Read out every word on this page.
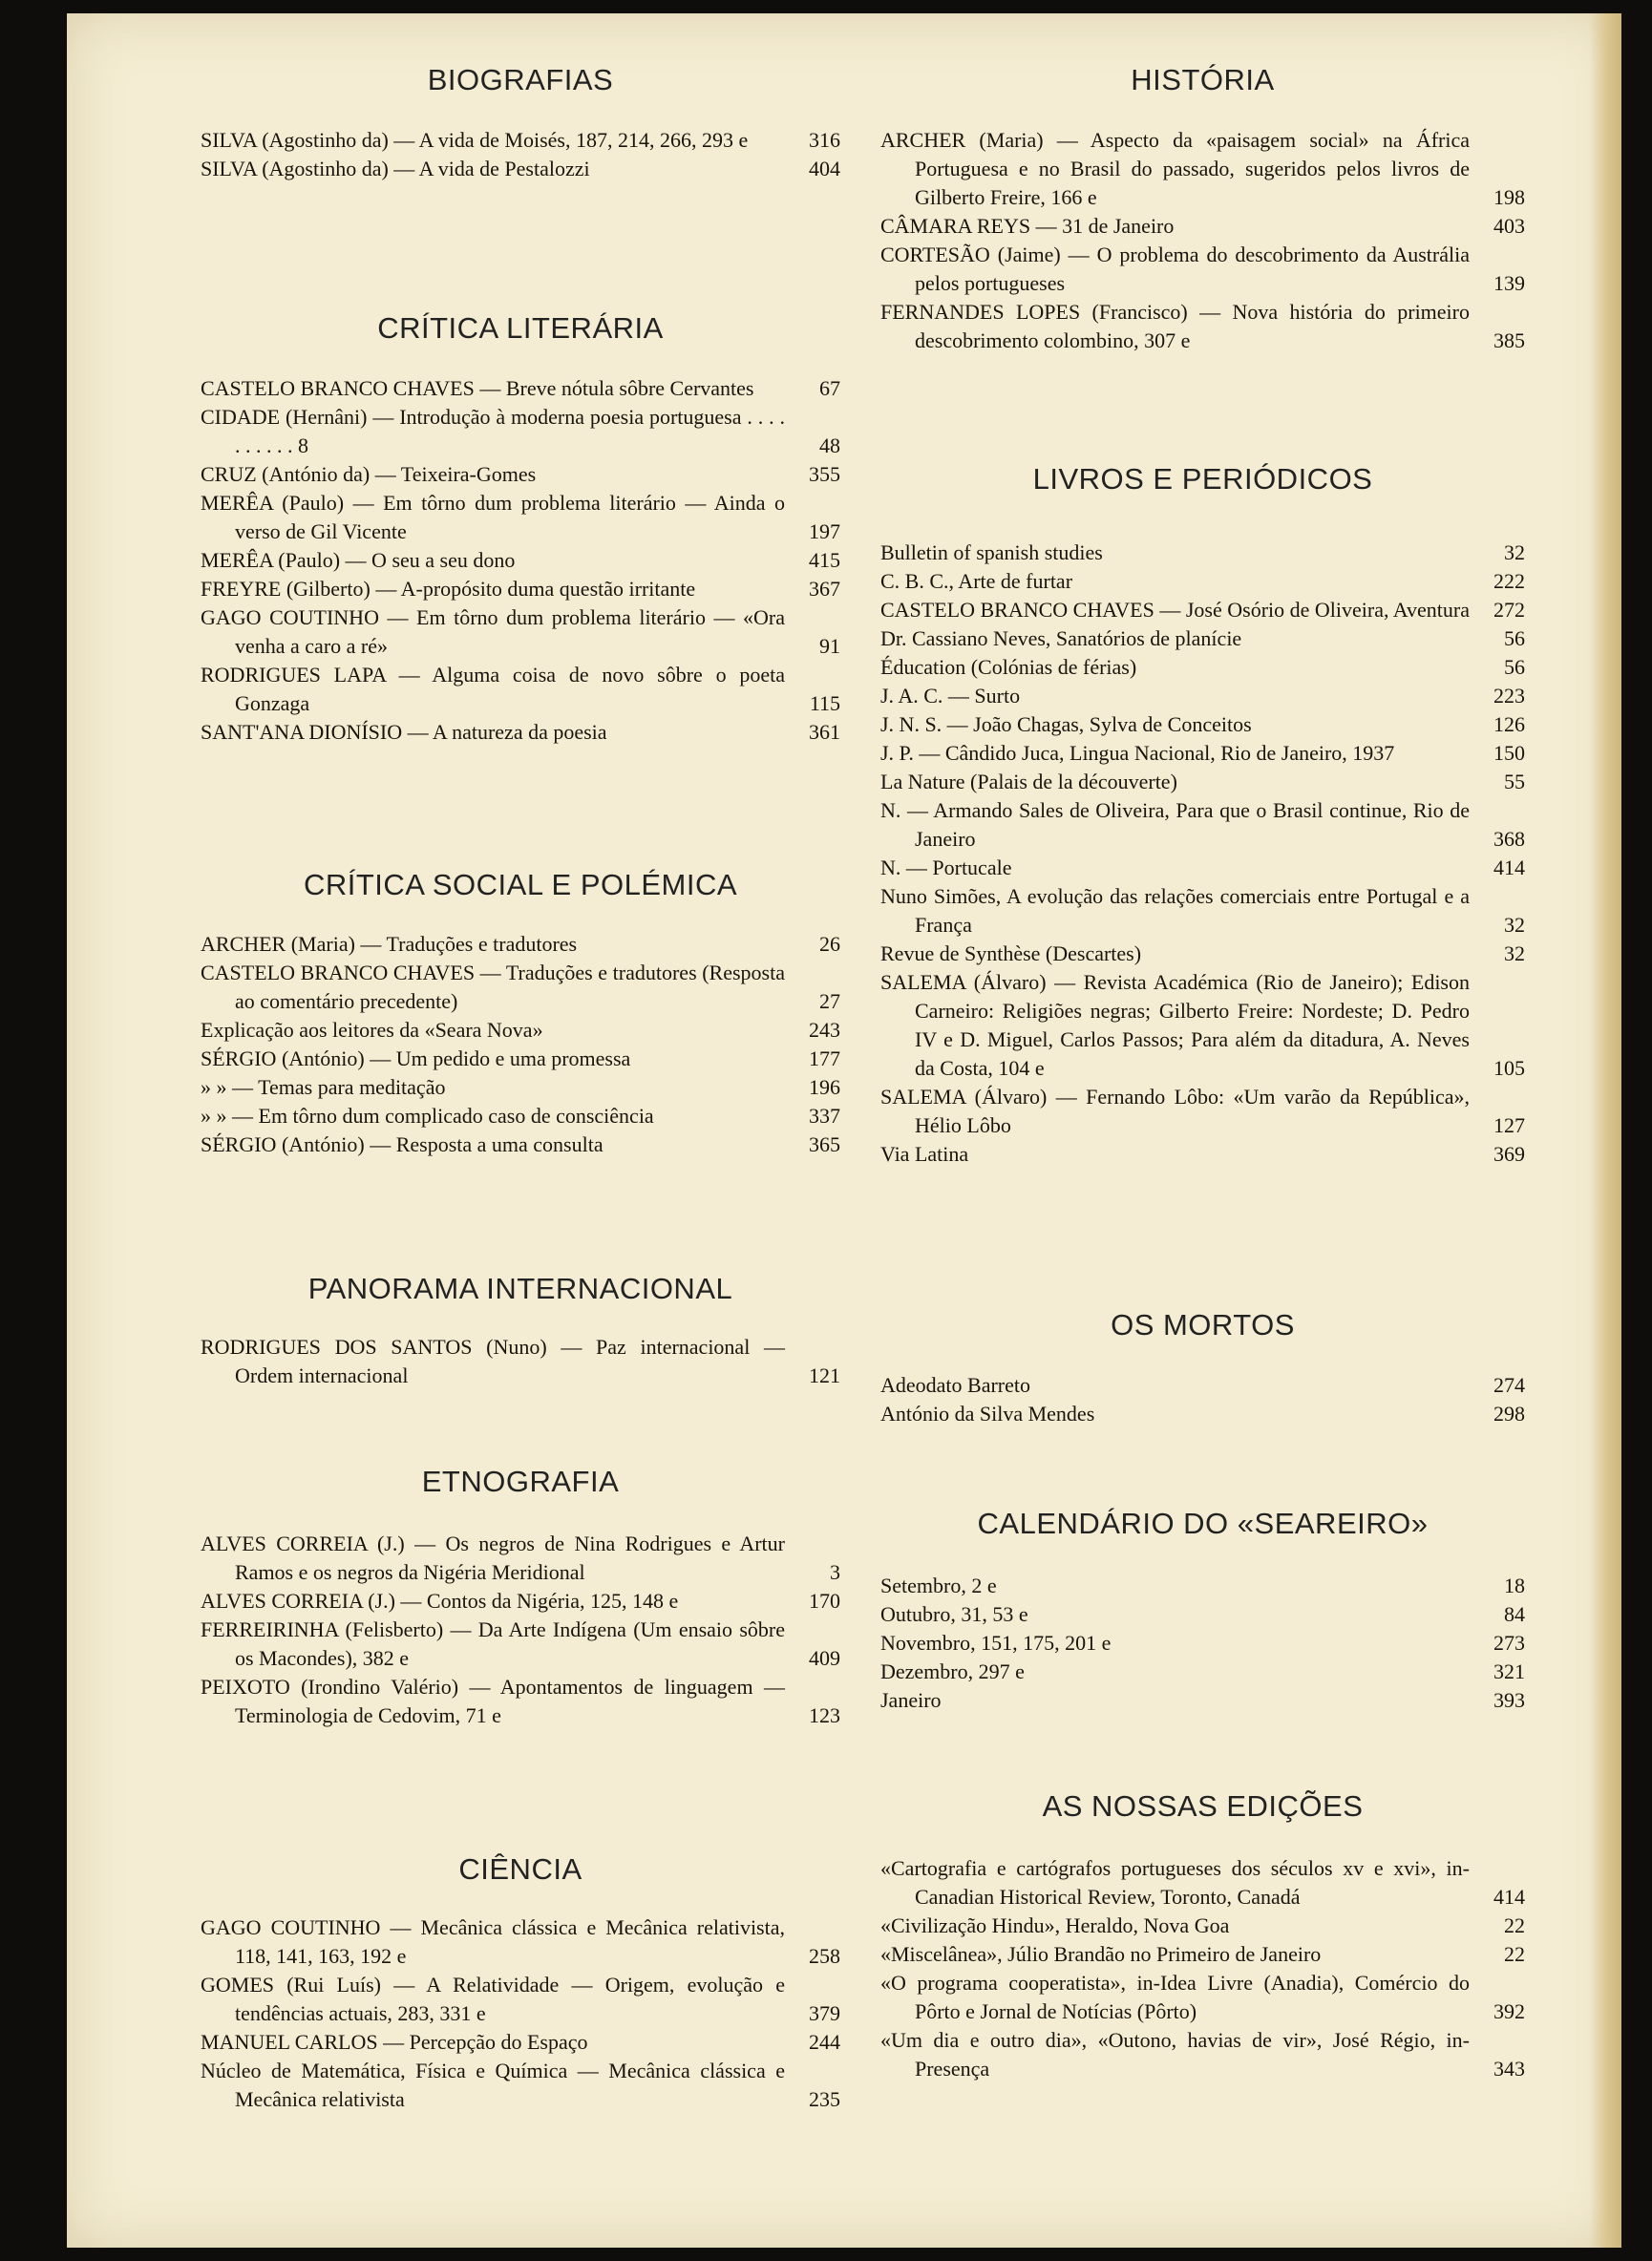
BIOGRAFIAS
SILVA (Agostinho da) — A vida de Moisés, 187, 214, 266, 293 e	316
SILVA (Agostinho da) — A vida de Pestalozzi	404
CRÍTICA LITERÁRIA
CASTELO BRANCO CHAVES — Breve nótula sôbre Cervantes	67
CIDADE (Hernâni) — Introdução à moderna poesia portuguesa . . . . . . . . . . 8	48
CRUZ (António da) — Teixeira-Gomes	355
MERÊA (Paulo) — Em tôrno dum problema literário — Ainda o verso de Gil Vicente	197
MERÊA (Paulo) — O seu a seu dono	415
FREYRE (Gilberto) — A-propósito duma questão irritante	367
GAGO COUTINHO — Em tôrno dum problema literário — «Ora venha a caro a ré»	91
RODRIGUES LAPA — Alguma coisa de novo sôbre o poeta Gonzaga	115
SANT'ANA DIONÍSIO — A natureza da poesia	361
CRÍTICA SOCIAL E POLÉMICA
ARCHER (Maria) — Traduções e tradutores	26
CASTELO BRANCO CHAVES — Traduções e tradutores (Resposta ao comentário precedente)	27
Explicação aos leitores da «Seara Nova»	243
SÉRGIO (António) — Um pedido e uma promessa	177
» » — Temas para meditação	196
» » — Em tôrno dum complicado caso de consciência	337
SÉRGIO (António) — Resposta a uma consulta	365
PANORAMA INTERNACIONAL
RODRIGUES DOS SANTOS (Nuno) — Paz internacional — Ordem internacional	121
ETNOGRAFIA
ALVES CORREIA (J.) — Os negros de Nina Rodrigues e Artur Ramos e os negros da Nigéria Meridional	3
ALVES CORREIA (J.) — Contos da Nigéria, 125, 148 e	170
FERREIRINHA (Felisberto) — Da Arte Indígena (Um ensaio sôbre os Macondes), 382 e	409
PEIXOTO (Irondino Valério) — Apontamentos de linguagem — Terminologia de Cedovim, 71 e	123
CIÊNCIA
GAGO COUTINHO — Mecânica clássica e Mecânica relativista, 118, 141, 163, 192 e	258
GOMES (Rui Luís) — A Relatividade — Origem, evolução e tendências actuais, 283, 331 e	379
MANUEL CARLOS — Percepção do Espaço	244
Núcleo de Matemática, Física e Química — Mecânica clássica e Mecânica relativista	235
HISTÓRIA
ARCHER (Maria) — Aspecto da «paisagem social» na África Portuguesa e no Brasil do passado, sugeridos pelos livros de Gilberto Freire, 166 e	198
CÂMARA REYS — 31 de Janeiro	403
CORTESÃO (Jaime) — O problema do descobrimento da Austrália pelos portugueses	139
FERNANDES LOPES (Francisco) — Nova história do primeiro descobrimento colombino, 307 e	385
LIVROS E PERIÓDICOS
Bulletin of spanish studies	32
C. B. C., Arte de furtar	222
CASTELO BRANCO CHAVES — José Osório de Oliveira, Aventura	272
Dr. Cassiano Neves, Sanatórios de planície	56
Éducation (Colónias de férias)	56
J. A. C. — Surto	223
J. N. S. — João Chagas, Sylva de Conceitos	126
J. P. — Cândido Juca, Lingua Nacional, Rio de Janeiro, 1937	150
La Nature (Palais de la découverte)	55
N. — Armando Sales de Oliveira, Para que o Brasil continue, Rio de Janeiro	368
N. — Portucale	414
Nuno Simões, A evolução das relações comerciais entre Portugal e a França	32
Revue de Synthèse (Descartes)	32
SALEMA (Álvaro) — Revista Académica (Rio de Janeiro); Edison Carneiro: Religiões negras; Gilberto Freire: Nordeste; D. Pedro IV e D. Miguel, Carlos Passos; Para além da ditadura, A. Neves da Costa, 104 e	105
SALEMA (Álvaro) — Fernando Lôbo: «Um varão da República», Hélio Lôbo	127
Via Latina	369
OS MORTOS
Adeodato Barreto	274
António da Silva Mendes	298
CALENDÁRIO DO «SEAREIRO»
Setembro, 2 e	18
Outubro, 31, 53 e	84
Novembro, 151, 175, 201 e	273
Dezembro, 297 e	321
Janeiro	393
AS NOSSAS EDIÇÕES
«Cartografia e cartógrafos portugueses dos séculos xv e xvi», in-Canadian Historical Review, Toronto, Canadá	414
«Civilização Hindu», Heraldo, Nova Goa	22
«Miscelânea», Júlio Brandão no Primeiro de Janeiro	22
«O programa cooperatista», in-Idea Livre (Anadia), Comércio do Pôrto e Jornal de Notícias (Pôrto)	392
«Um dia e outro dia», «Outono, havias de vir», José Régio, in-Presença	343
